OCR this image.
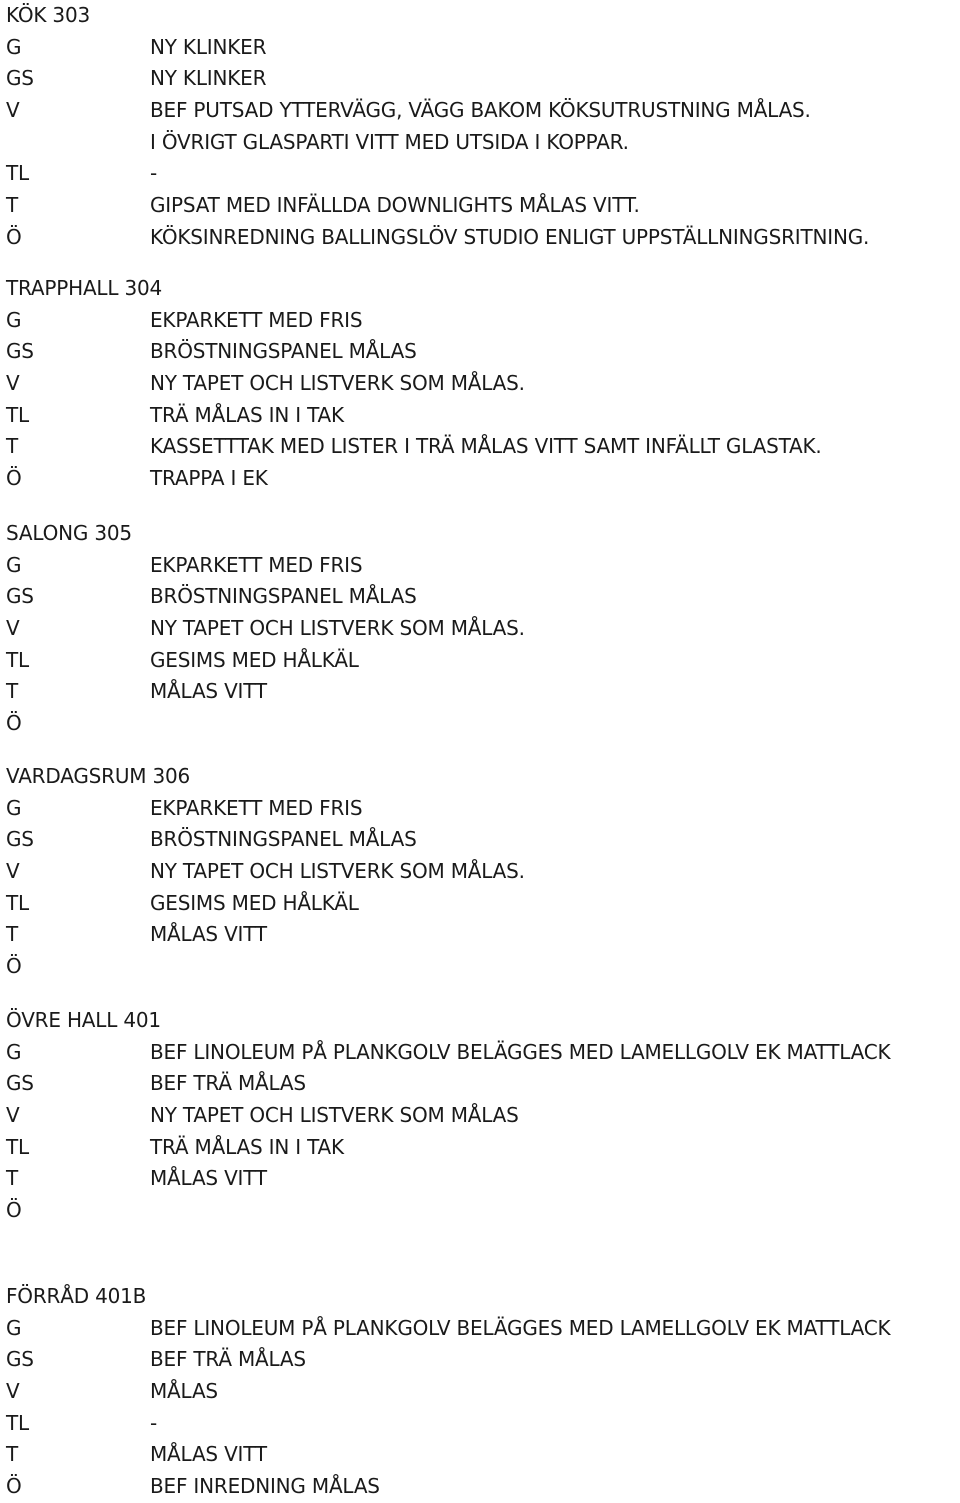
KÖK 303
G	NY KLINKER
GS	NY KLINKER
V	BEF PUTSAD YTTERVÄGG, VÄGG BAKOM KÖKSUTRUSTNING MÅLAS.
I ÖVRIGT GLASPARTI VITT MED UTSIDA I KOPPAR.
TL	-
T	GIPSAT MED INFÄLLDA DOWNLIGHTS MÅLAS VITT.
Ö	KÖKSINREDNING BALLINGSLÖV STUDIO ENLIGT UPPSTÄLLNINGSRITNING.
TRAPPHALL 304
G	EKPARKETT MED FRIS
GS	BRÖSTNINGSPANEL MÅLAS
V	NY TAPET OCH LISTVERK SOM MÅLAS.
TL	TRÄ MÅLAS IN I TAK
T	KASSETTTAK MED LISTER I TRÄ MÅLAS VITT SAMT INFÄLLT GLASTAK.
Ö	TRAPPA I EK
SALONG 305
G	EKPARKETT MED FRIS
GS	BRÖSTNINGSPANEL MÅLAS
V	NY TAPET OCH LISTVERK SOM MÅLAS.
TL	GESIMS MED HÅLKÄL
T	MÅLAS VITT
Ö
VARDAGSRUM 306
G	EKPARKETT MED FRIS
GS	BRÖSTNINGSPANEL MÅLAS
V	NY TAPET OCH LISTVERK SOM MÅLAS.
TL	GESIMS MED HÅLKÄL
T	MÅLAS VITT
Ö
ÖVRE HALL 401
G	BEF LINOLEUM PÅ PLANKGOLV BELÄGGES MED LAMELLGOLV EK MATTLACK
GS	BEF TRÄ MÅLAS
V	NY TAPET OCH LISTVERK SOM MÅLAS
TL	TRÄ MÅLAS IN I TAK
T	MÅLAS VITT
Ö
FÖRRÅD 401B
G	BEF LINOLEUM PÅ PLANKGOLV BELÄGGES MED LAMELLGOLV EK MATTLACK
GS	BEF TRÄ MÅLAS
V	MÅLAS
TL	-
T	MÅLAS VITT
Ö	BEF INREDNING MÅLAS
